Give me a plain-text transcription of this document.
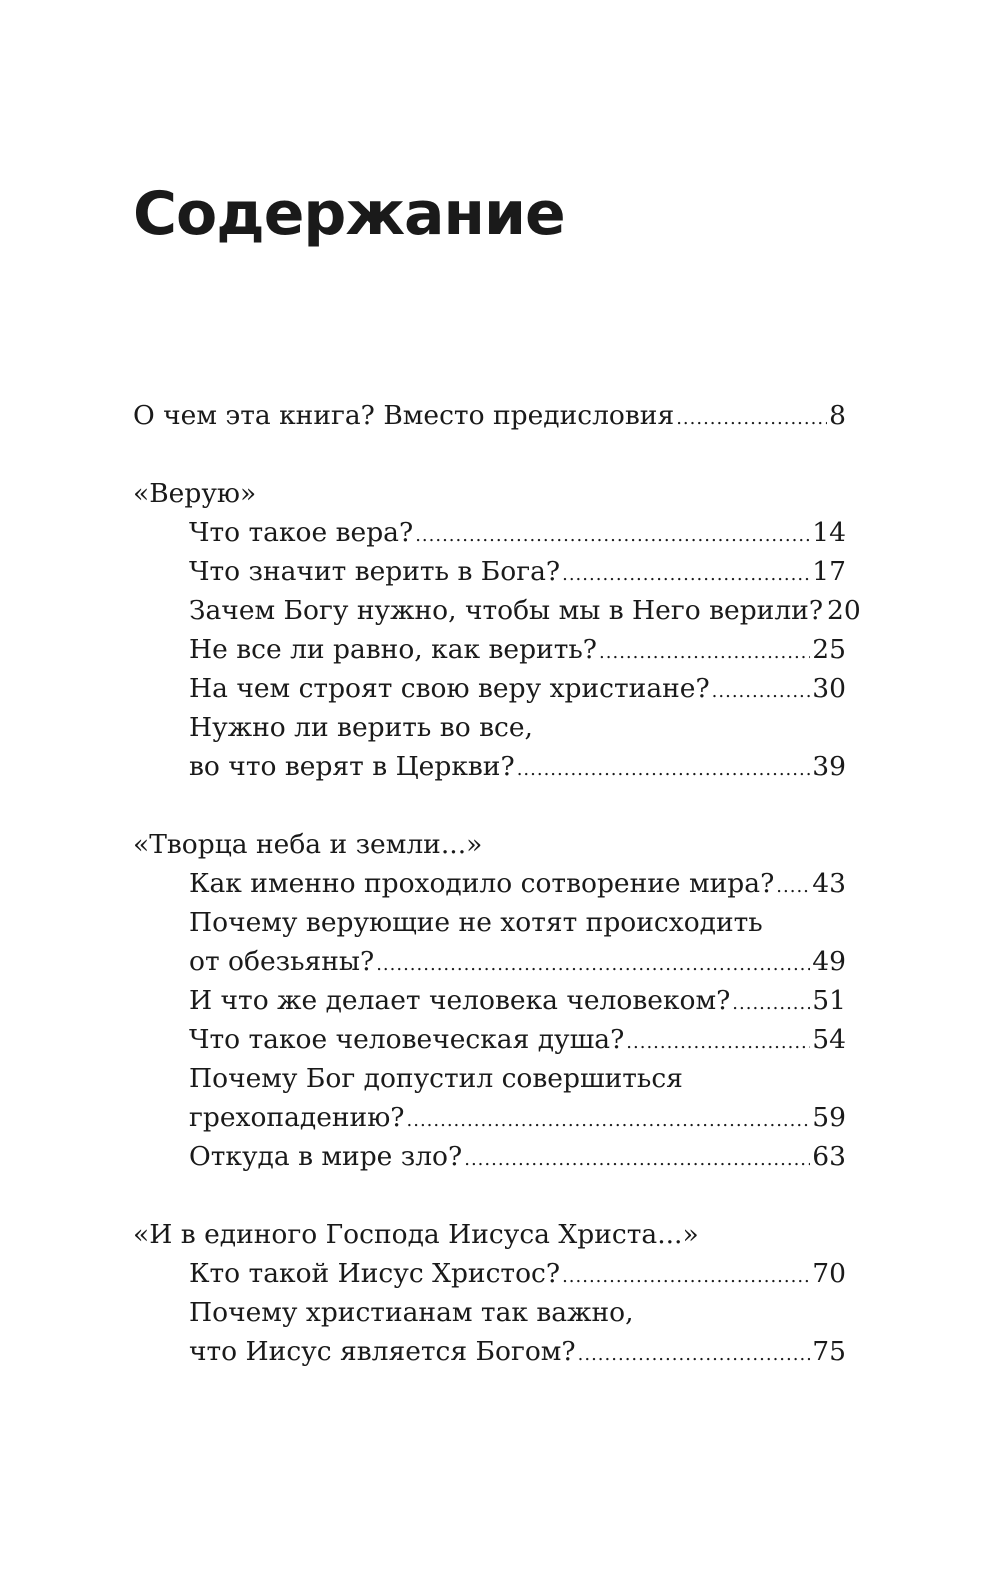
Содержание
О чем эта книга? Вместо предисловия .....	8
«Верую»
Что такое вера? .....	14
Что значит верить в Бога? .....	17
Зачем Богу нужно, чтобы мы в Него верили? 20
Не все ли равно, как верить? .....	25
На чем строят свою веру христиане? .....	30
Нужно ли верить во все,
во что верят в Церкви? .....	39
«Творца неба и земли...»
Как именно проходило сотворение мира? ..... 43
Почему верующие не хотят происходить
от обезьяны? .....	49
И что же делает человека человеком? .....	51
Что такое человеческая душа? .....	54
Почему Бог допустил совершиться
грехопадению? .....	59
Откуда в мире зло? .....	63
«И в единого Господа Иисуса Христа...»
Кто такой Иисус Христос? .....	70
Почему христианам так важно,
что Иисус является Богом? .....	75
